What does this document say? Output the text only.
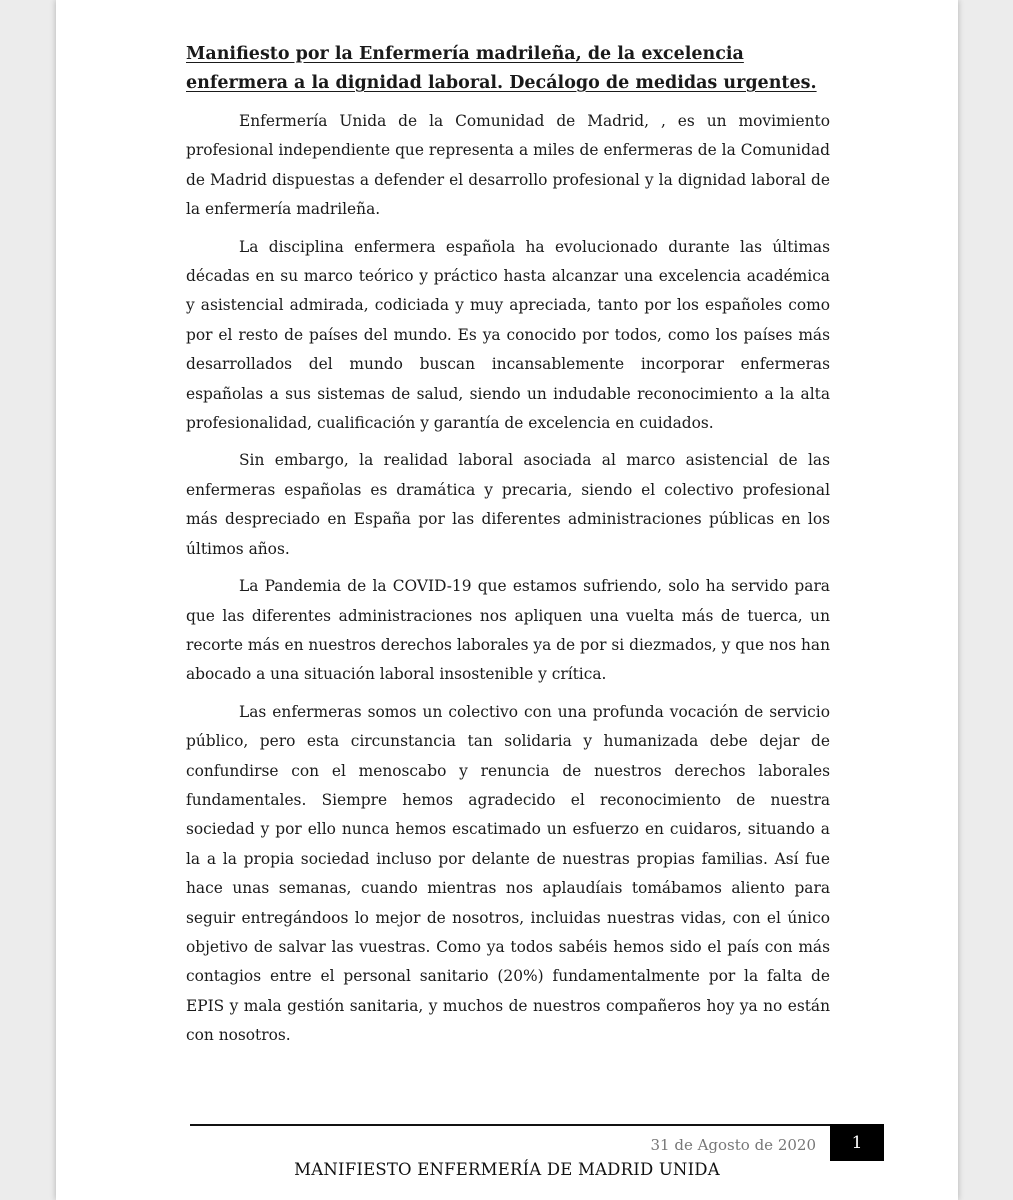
Manifiesto por la Enfermería madrileña, de la excelencia enfermera a la dignidad laboral. Decálogo de medidas urgentes.

Enfermería Unida de la Comunidad de Madrid, , es un movimiento profesional independiente que representa a miles de enfermeras de la Comunidad de Madrid dispuestas a defender el desarrollo profesional y la dignidad laboral de la enfermería madrileña.

La disciplina enfermera española ha evolucionado durante las últimas décadas en su marco teórico y práctico hasta alcanzar una excelencia académica y asistencial admirada, codiciada y muy apreciada, tanto por los españoles como por el resto de países del mundo. Es ya conocido por todos, como los países más desarrollados del mundo buscan incansablemente incorporar enfermeras españolas a sus sistemas de salud, siendo un indudable reconocimiento a la alta profesionalidad, cualificación y garantía de excelencia en cuidados.

Sin embargo, la realidad laboral asociada al marco asistencial de las enfermeras españolas es dramática y precaria, siendo el colectivo profesional más despreciado en España por las diferentes administraciones públicas en los últimos años.

La Pandemia de la COVID-19 que estamos sufriendo, solo ha servido para que las diferentes administraciones nos apliquen una vuelta más de tuerca, un recorte más en nuestros derechos laborales ya de por si diezmados, y que nos han abocado a una situación laboral insostenible y crítica.

Las enfermeras somos un colectivo con una profunda vocación de servicio público, pero esta circunstancia tan solidaria y humanizada debe dejar de confundirse con el menoscabo y renuncia de nuestros derechos laborales fundamentales. Siempre hemos agradecido el reconocimiento de nuestra sociedad y por ello nunca hemos escatimado un esfuerzo en cuidaros, situando a la a la propia sociedad incluso por delante de nuestras propias familias. Así fue hace unas semanas, cuando mientras nos aplaudíais tomábamos aliento para seguir entregándoos lo mejor de nosotros, incluidas nuestras vidas, con el único objetivo de salvar las vuestras. Como ya todos sabéis hemos sido el país con más contagios entre el personal sanitario (20%) fundamentalmente por la falta de EPIS y mala gestión sanitaria, y muchos de nuestros compañeros hoy ya no están con nosotros.

31 de Agosto de 2020	1
MANIFIESTO ENFERMERÍA DE MADRID UNIDA
